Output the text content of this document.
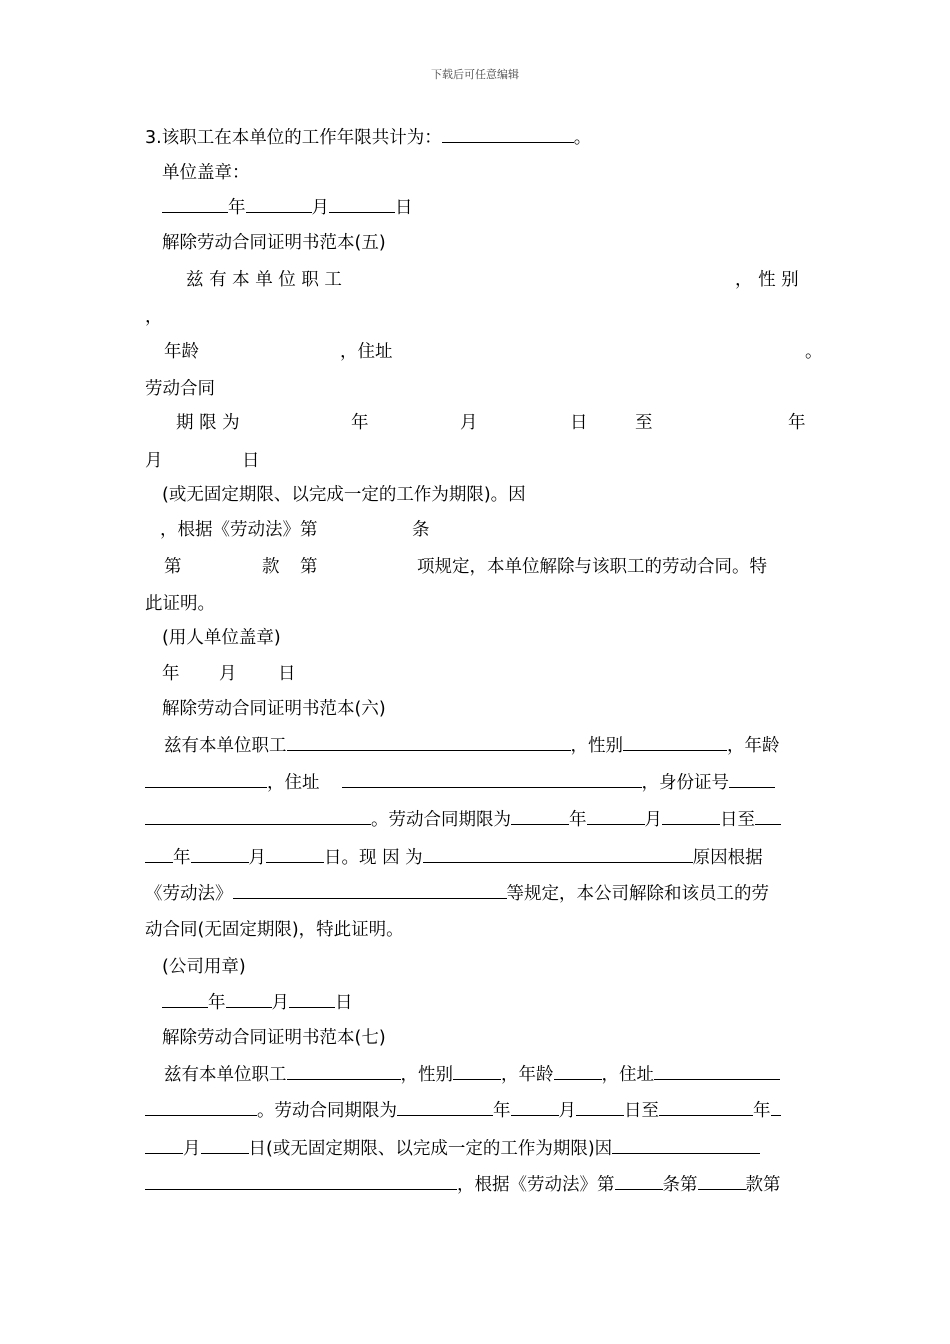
下载后可任意编辑
3.该职工在本单位的工作年限共计为：	。
单位盖章：
年	月	日
解除劳动合同证明书范本(五)
兹 有 本 单 位 职 工	， 性 别
，
年龄	，住址	。
劳动合同
期 限 为	年	月	日	至	年
月	日
(或无固定期限、以完成一定的工作为期限)。因
，根据《劳动法》第	条
第	款 第	项规定，本单位解除与该职工的劳动合同。特
此证明。
(用人单位盖章)
年 月 日
解除劳动合同证明书范本(六)
兹有本单位职工	，性别	，年龄
，住址	，身份证号
。劳动合同期限为	年	月	日至
年	月	日。现 因 为	原因根据
《劳动法》	等规定，本公司解除和该员工的劳
动合同(无固定期限)，特此证明。
(公司用章)
年	月	日
解除劳动合同证明书范本(七)
兹有本单位职工	，性别	，年龄	，住址
。劳动合同期限为	年	月	日至	年
月	日(或无固定期限、以完成一定的工作为期限)因
，根据《劳动法》第	条第	款第
